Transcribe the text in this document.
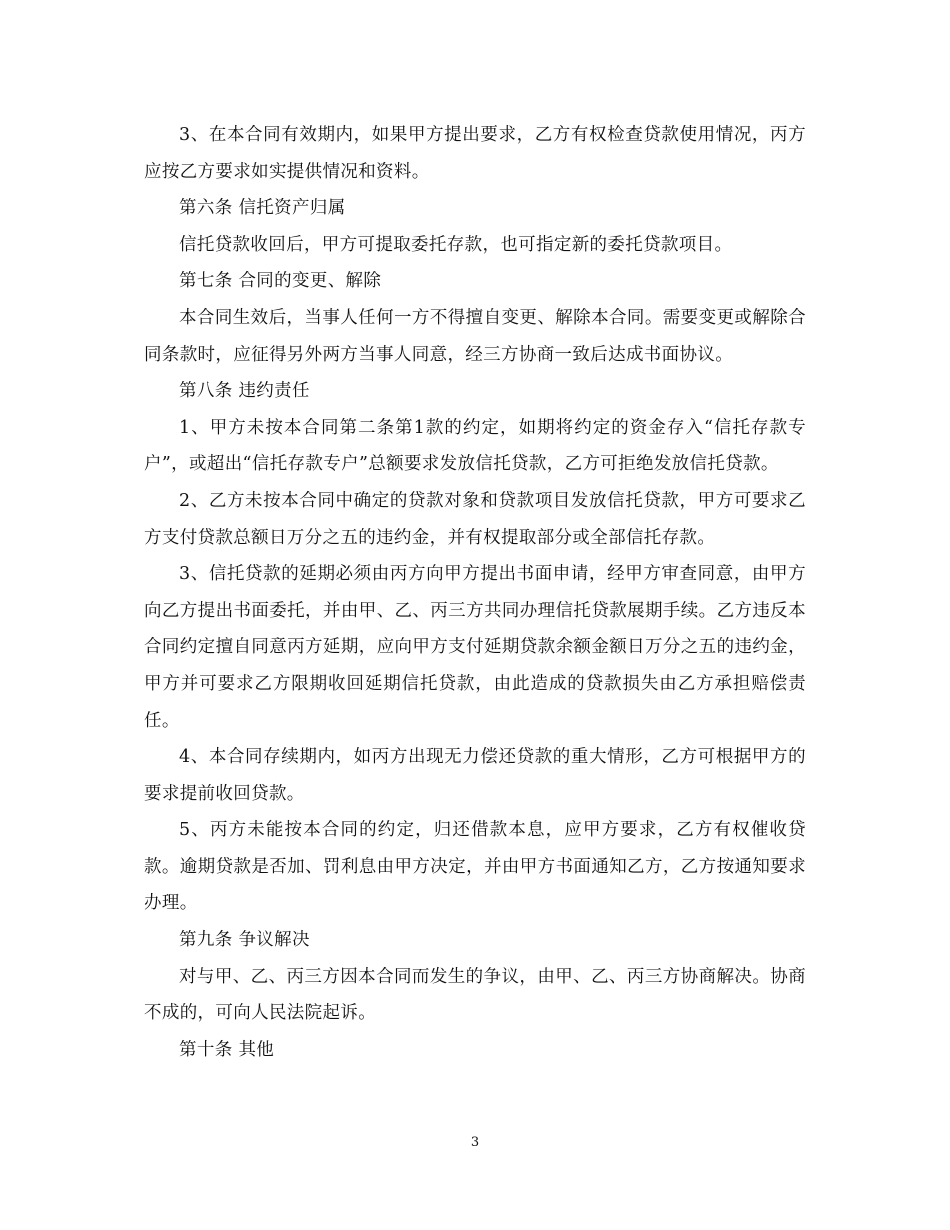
3、在本合同有效期内，如果甲方提出要求，乙方有权检查贷款使用情况，丙方应按乙方要求如实提供情况和资料。

第六条 信托资产归属

信托贷款收回后，甲方可提取委托存款，也可指定新的委托贷款项目。

第七条 合同的变更、解除

本合同生效后，当事人任何一方不得擅自变更、解除本合同。需要变更或解除合同条款时，应征得另外两方当事人同意，经三方协商一致后达成书面协议。

第八条 违约责任

1、甲方未按本合同第二条第1款的约定，如期将约定的资金存入“信托存款专户”，或超出“信托存款专户”总额要求发放信托贷款，乙方可拒绝发放信托贷款。

2、乙方未按本合同中确定的贷款对象和贷款项目发放信托贷款，甲方可要求乙方支付贷款总额日万分之五的违约金，并有权提取部分或全部信托存款。

3、信托贷款的延期必须由丙方向甲方提出书面申请，经甲方审查同意，由甲方向乙方提出书面委托，并由甲、乙、丙三方共同办理信托贷款展期手续。乙方违反本合同约定擅自同意丙方延期，应向甲方支付延期贷款余额金额日万分之五的违约金，甲方并可要求乙方限期收回延期信托贷款，由此造成的贷款损失由乙方承担赔偿责任。

4、本合同存续期内，如丙方出现无力偿还贷款的重大情形，乙方可根据甲方的要求提前收回贷款。

5、丙方未能按本合同的约定，归还借款本息，应甲方要求，乙方有权催收贷款。逾期贷款是否加、罚利息由甲方决定，并由甲方书面通知乙方，乙方按通知要求办理。

第九条 争议解决

对与甲、乙、丙三方因本合同而发生的争议，由甲、乙、丙三方协商解决。协商不成的，可向人民法院起诉。

第十条 其他

3
